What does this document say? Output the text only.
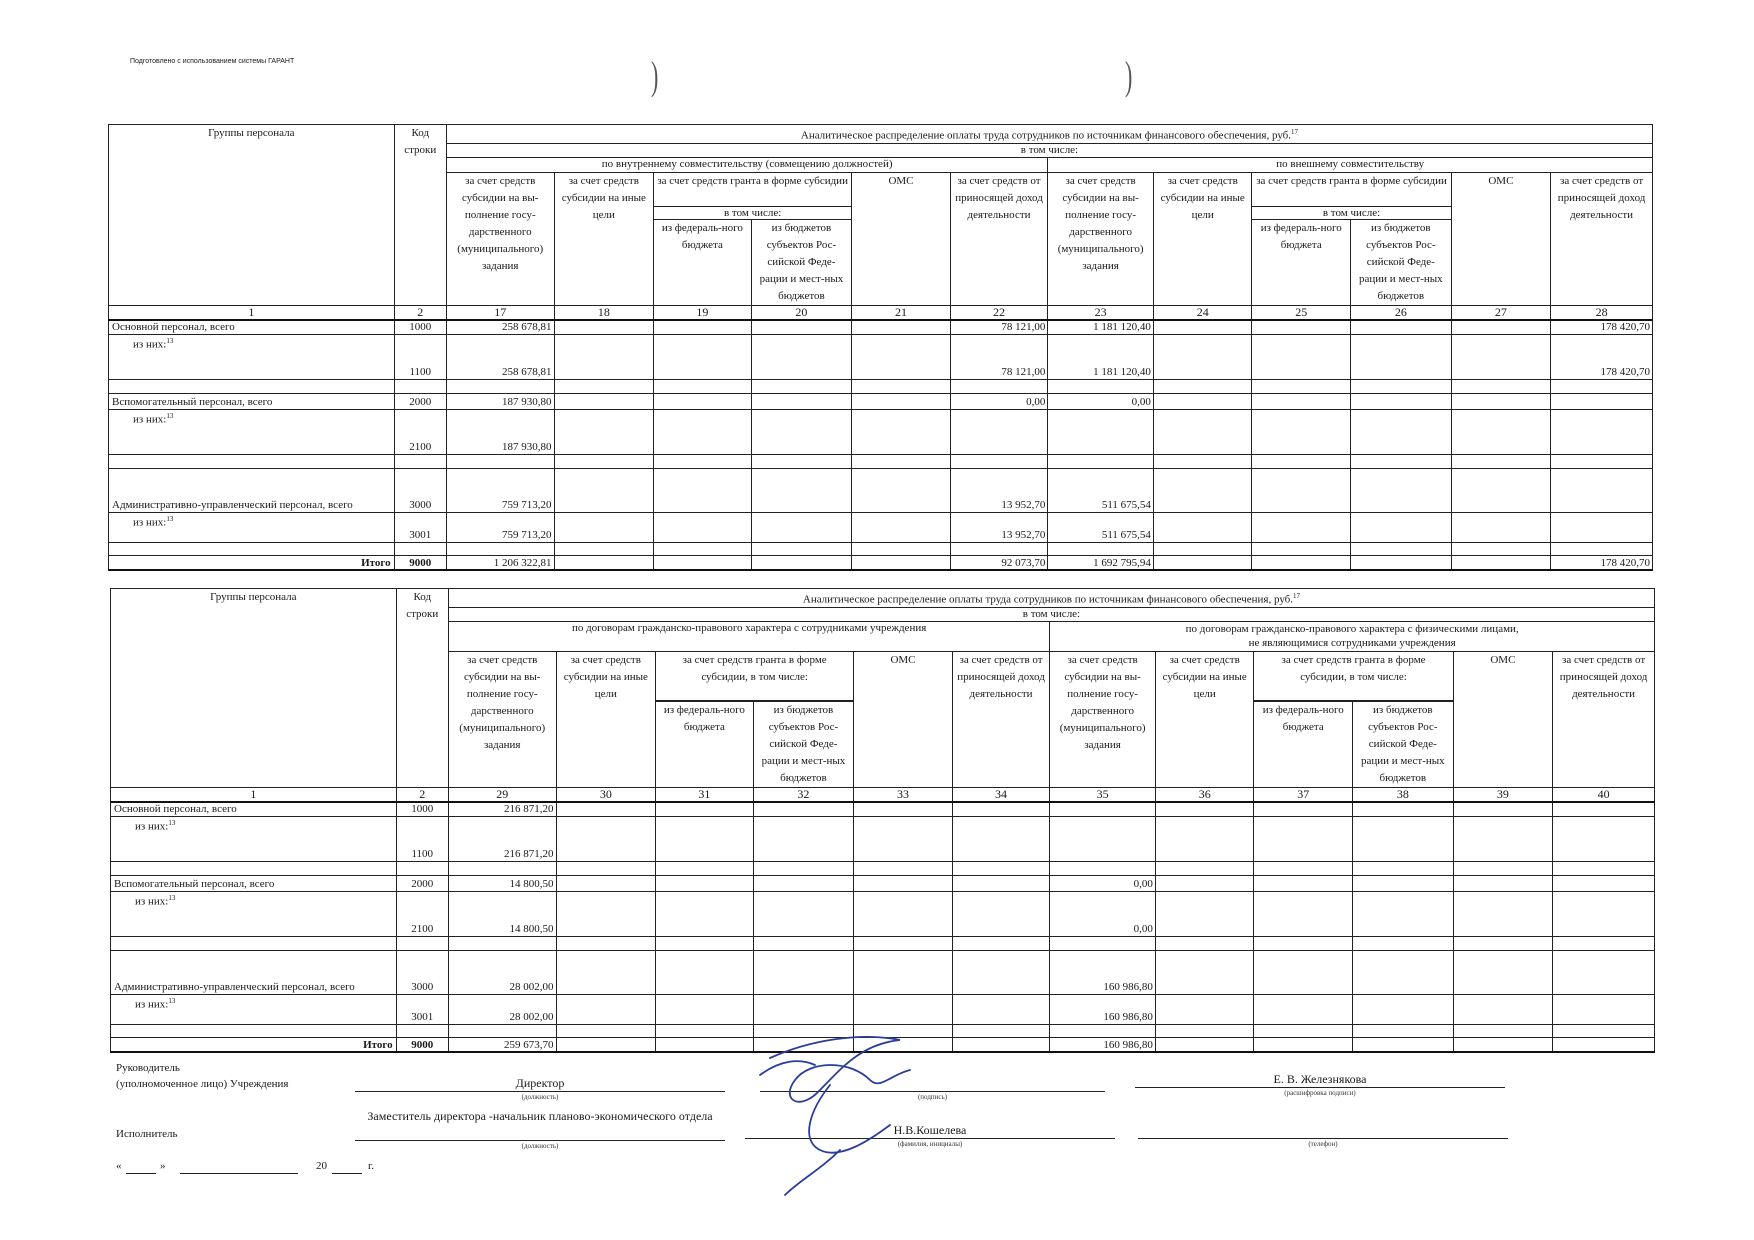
Подготовлено с использованием системы ГАРАНТ	)	)
Группы персонала	Код строки	Аналитическое распределение оплаты труда сотрудников по источникам финансового обеспечения, руб.$^{17}$
		в том числе:											
		по внутреннему совместительству (совмещению должностей)						по внешнему совместительству					
		за счет средств субсидии на вы-полнение госу-дарственного (муниципального) задания	за счет средств субсидии на иные цели	за счет средств гранта в форме субсидии		ОМС	за счет средств от приносящей доход деятельности	за счет средств субсидии на вы-полнение госу-дарственного (муниципального) задания	за счет средств субсидии на иные цели	за счет средств гранта в форме субсидии		ОМС	за счет средств от приносящей доход деятельности
				в том числе:						в том числе:			
				из федераль-ного бюджета	из бюджетов субъектов Рос-сийской Феде-рации и мест-ных бюджетов					из федераль-ного бюджета	из бюджетов субъектов Рос-сийской Феде-рации и мест-ных бюджетов		
1	2	17	18	19	20	21	22	23	24	25	26	27	28
Основной персонал, всего	1000	258 678,81					78 121,00	1 181 120,40					178 420,70
из них:$^{13}$	1100	258 678,81					78 121,00	1 181 120,40					178 420,70

Вспомогательный персонал, всего	2000	187 930,80					0,00	0,00					
из них:$^{13}$	2100	187 930,80											

Административно-управленческий персонал, всего	3000	759 713,20					13 952,70	511 675,54					
из них:$^{13}$	3001	759 713,20					13 952,70	511 675,54					

Итого	9000	1 206 322,81					92 073,70	1 692 795,94					178 420,70
Группы персонала	Код строки	Аналитическое распределение оплаты труда сотрудников по источникам финансового обеспечения, руб.$^{17}$
		в том числе:											
		по договорам гражданско-правового характера с сотрудниками учреждения						по договорам гражданско-правового характера с физическими лицами,
не являющимися сотрудниками учреждения					

		за счет средств субсидии на вы-полнение госу-дарственного (муниципального) задания	за счет средств субсидии на иные цели	за счет средств гранта в форме субсидии, в том числе:		ОМС	за счет средств от приносящей доход деятельности	за счет средств субсидии на вы-полнение госу-дарственного (муниципального) задания	за счет средств субсидии на иные цели	за счет средств гранта в форме субсидии, в том числе:		ОМС	за счет средств от приносящей доход деятельности

				из федераль-ного бюджета	из бюджетов субъектов Рос-сийской Феде-рации и мест-ных бюджетов					из федераль-ного бюджета	из бюджетов субъектов Рос-сийской Феде-рации и мест-ных бюджетов		
1	2	29	30	31	32	33	34	35	36	37	38	39	40
Основной персонал, всего	1000	216 871,20											
из них:$^{13}$	1100	216 871,20											

Вспомогательный персонал, всего	2000	14 800,50						0,00					
из них:$^{13}$	2100	14 800,50						0,00					

Административно-управленческий персонал, всего	3000	28 002,00						160 986,80					
из них:$^{13}$	3001	28 002,00						160 986,80					

Итого	9000	259 673,70						160 986,80					
Руководитель
(уполномоченное лицо) Учреждения	Директор
(должность)	(подпись)
Е. В. Железнякова
(расшифровка подписи)
Исполнитель
Заместитель директора -начальник планово-экономического отдела
(должность)
Н.В.Кошелева
(фамилия, инициалы)	(телефон)
«	»	20	г.
